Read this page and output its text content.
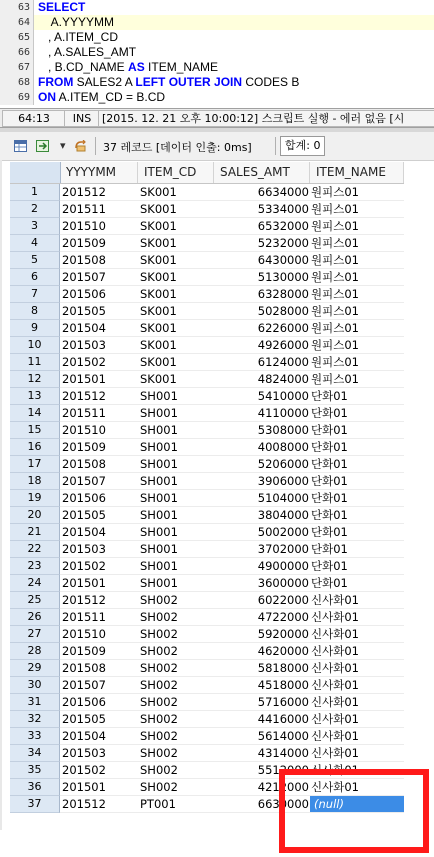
63 SELECT
64 A.YYYYMM
65 , A.ITEM_CD
66 , A.SALES_AMT
67 , B.CD_NAME AS ITEM_NAME
68 FROM SALES2 A LEFT OUTER JOIN CODES B
69 ON A.ITEM_CD = B.CD
64:13	INS [2015. 12. 21 오후 10:00:12] 스크립트 실행 - 에러 없음 [시
▾	37 레코드 [데이터 인출: 0ms]	합계: 0
YYYYMM	ITEM_CD	SALES_AMT	ITEM_NAME
1	201512	SK001	6634000 원피스01
2	201511	SK001	5334000 원피스01
3	201510	SK001	6532000 원피스01
4	201509	SK001	5232000 원피스01
5	201508	SK001	6430000 원피스01
6	201507	SK001	5130000 원피스01
7	201506	SK001	6328000 원피스01
8	201505	SK001	5028000 원피스01
9	201504	SK001	6226000 원피스01
10	201503	SK001	4926000 원피스01
11	201502	SK001	6124000 원피스01
12	201501	SK001	4824000 원피스01
13	201512	SH001	5410000 단화01
14	201511	SH001	4110000 단화01
15	201510	SH001	5308000 단화01
16	201509	SH001	4008000 단화01
17	201508	SH001	5206000 단화01
18	201507	SH001	3906000 단화01
19	201506	SH001	5104000 단화01
20	201505	SH001	3804000 단화01
21	201504	SH001	5002000 단화01
22	201503	SH001	3702000 단화01
23	201502	SH001	4900000 단화01
24	201501	SH001	3600000 단화01
25	201512	SH002	6022000 신사화01
26	201511	SH002	4722000 신사화01
27	201510	SH002	5920000 신사화01
28	201509	SH002	4620000 신사화01
29	201508	SH002	5818000 신사화01
30	201507	SH002	4518000 신사화01
31	201506	SH002	5716000 신사화01
32	201505	SH002	4416000 신사화01
33	201504	SH002	5614000 신사화01
34	201503	SH002	4314000 신사화01
35	201502	SH002	5512000 신사화01
36	201501	SH002	4212000 신사화01
37	201512	PT001	6630000 (null)
